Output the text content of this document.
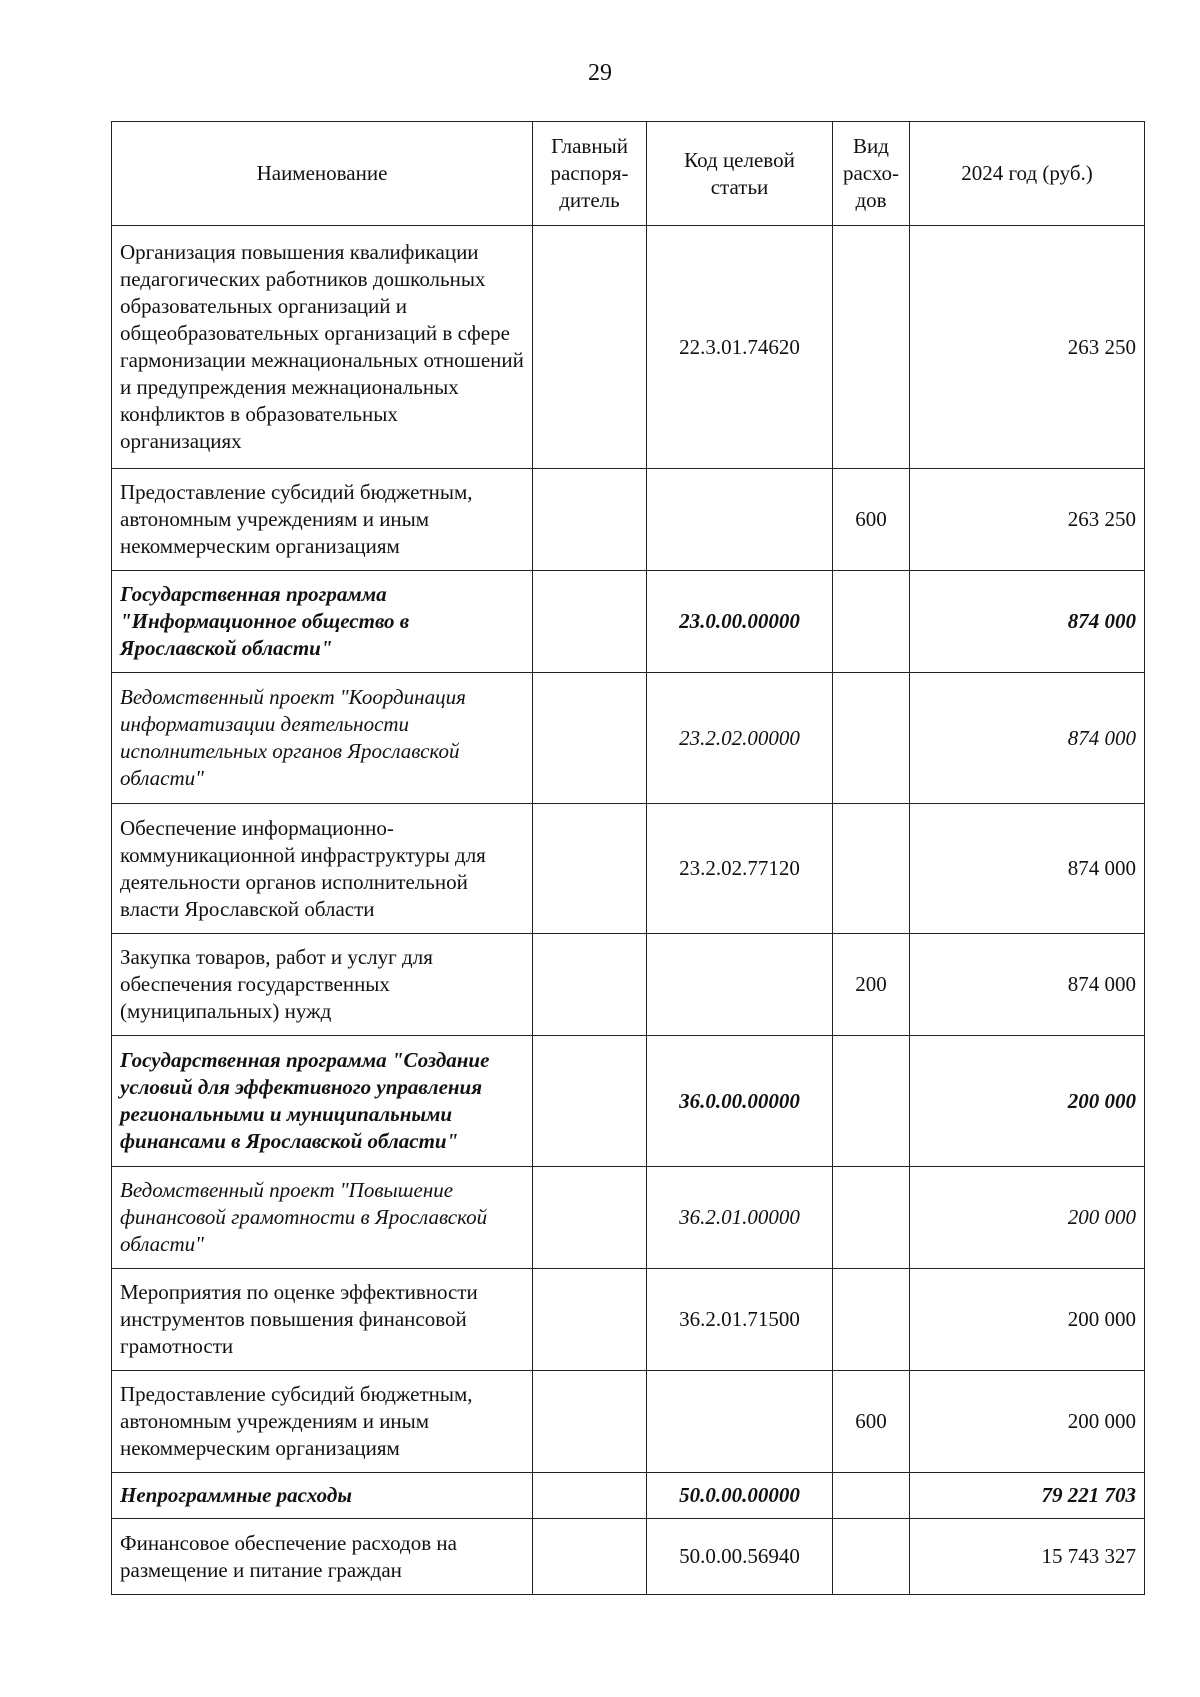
29
Наименование	Главный распоря-дитель	Код целевой статьи	Вид расхо-дов	2024 год (руб.)
Организация повышения квалификации педагогических работников дошкольных образовательных организаций и общеобразовательных организаций в сфере гармонизации межнациональных отношений и предупреждения межнациональных конфликтов в образовательных организациях		22.3.01.74620		263 250
Предоставление субсидий бюджетным, автономным учреждениям и иным некоммерческим организациям			600	263 250
Государственная программа "Информационное общество в Ярославской области"		23.0.00.00000		874 000
Ведомственный проект "Координация информатизации деятельности исполнительных органов Ярославской области"		23.2.02.00000		874 000
Обеспечение информационно-коммуникационной инфраструктуры для деятельности органов исполнительной власти Ярославской области		23.2.02.77120		874 000
Закупка товаров, работ и услуг для обеспечения государственных (муниципальных) нужд			200	874 000
Государственная программа "Создание условий для эффективного управления региональными и муниципальными финансами в Ярославской области"		36.0.00.00000		200 000
Ведомственный проект "Повышение финансовой грамотности в Ярославской области"		36.2.01.00000		200 000
Мероприятия по оценке эффективности инструментов повышения финансовой грамотности		36.2.01.71500		200 000
Предоставление субсидий бюджетным, автономным учреждениям и иным некоммерческим организациям			600	200 000
Непрограммные расходы		50.0.00.00000		79 221 703
Финансовое обеспечение расходов на размещение и питание граждан		50.0.00.56940		15 743 327
